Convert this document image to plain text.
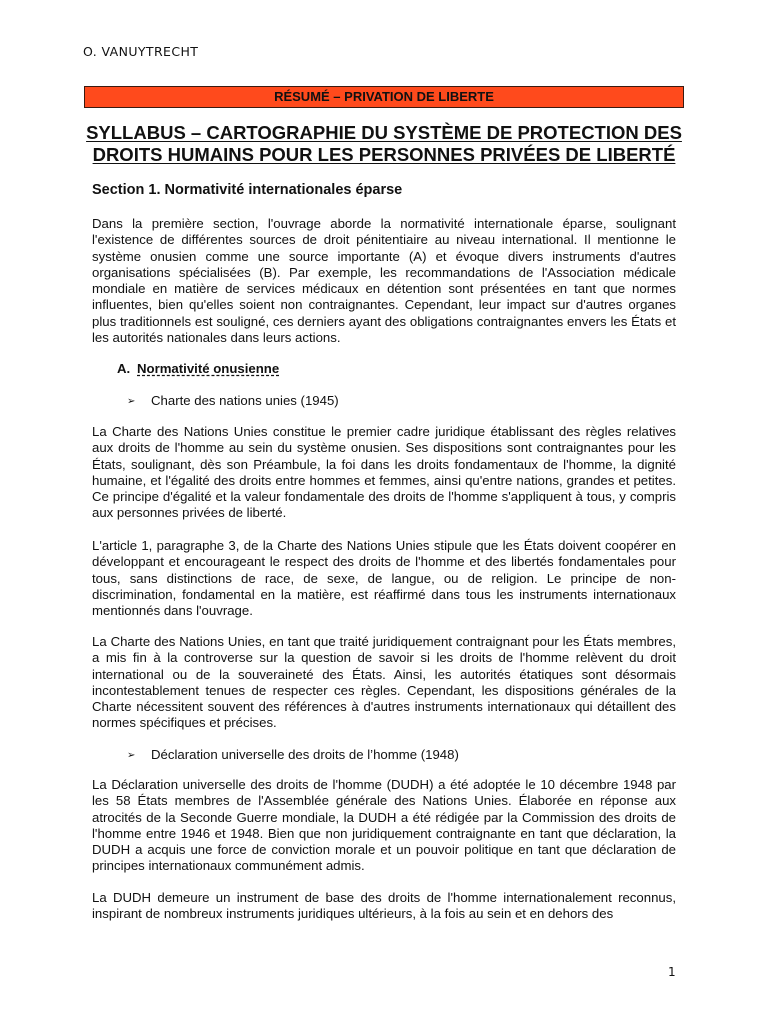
O. VANUYTRECHT
RÉSUMÉ – PRIVATION DE LIBERTE
SYLLABUS – CARTOGRAPHIE DU SYSTÈME DE PROTECTION DES
DROITS HUMAINS POUR LES PERSONNES PRIVÉES DE LIBERTÉ
Section 1. Normativité internationales éparse

Dans la première section, l'ouvrage aborde la normativité internationale éparse, soulignant l'existence de différentes sources de droit pénitentiaire au niveau international. Il mentionne le système onusien comme une source importante (A) et évoque divers instruments d'autres organisations spécialisées (B). Par exemple, les recommandations de l'Association médicale mondiale en matière de services médicaux en détention sont présentées en tant que normes influentes, bien qu'elles soient non contraignantes. Cependant, leur impact sur d'autres organes plus traditionnels est souligné, ces derniers ayant des obligations contraignantes envers les États et les autorités nationales dans leurs actions.

A. Normativité onusienne
➢ Charte des nations unies (1945)

La Charte des Nations Unies constitue le premier cadre juridique établissant des règles relatives aux droits de l'homme au sein du système onusien. Ses dispositions sont contraignantes pour les États, soulignant, dès son Préambule, la foi dans les droits fondamentaux de l'homme, la dignité humaine, et l'égalité des droits entre hommes et femmes, ainsi qu'entre nations, grandes et petites. Ce principe d'égalité et la valeur fondamentale des droits de l'homme s'appliquent à tous, y compris aux personnes privées de liberté.

L'article 1, paragraphe 3, de la Charte des Nations Unies stipule que les États doivent coopérer en développant et encourageant le respect des droits de l'homme et des libertés fondamentales pour tous, sans distinctions de race, de sexe, de langue, ou de religion. Le principe de non-discrimination, fondamental en la matière, est réaffirmé dans tous les instruments internationaux mentionnés dans l'ouvrage.

La Charte des Nations Unies, en tant que traité juridiquement contraignant pour les États membres, a mis fin à la controverse sur la question de savoir si les droits de l'homme relèvent du droit international ou de la souveraineté des États. Ainsi, les autorités étatiques sont désormais incontestablement tenues de respecter ces règles. Cependant, les dispositions générales de la Charte nécessitent souvent des références à d'autres instruments internationaux qui détaillent des normes spécifiques et précises.

➢ Déclaration universelle des droits de l’homme (1948)

La Déclaration universelle des droits de l'homme (DUDH) a été adoptée le 10 décembre 1948 par les 58 États membres de l'Assemblée générale des Nations Unies. Élaborée en réponse aux atrocités de la Seconde Guerre mondiale, la DUDH a été rédigée par la Commission des droits de l'homme entre 1946 et 1948. Bien que non juridiquement contraignante en tant que déclaration, la DUDH a acquis une force de conviction morale et un pouvoir politique en tant que déclaration de principes internationaux communément admis.

La DUDH demeure un instrument de base des droits de l'homme internationalement reconnus, inspirant de nombreux instruments juridiques ultérieurs, à la fois au sein et en dehors des

1
